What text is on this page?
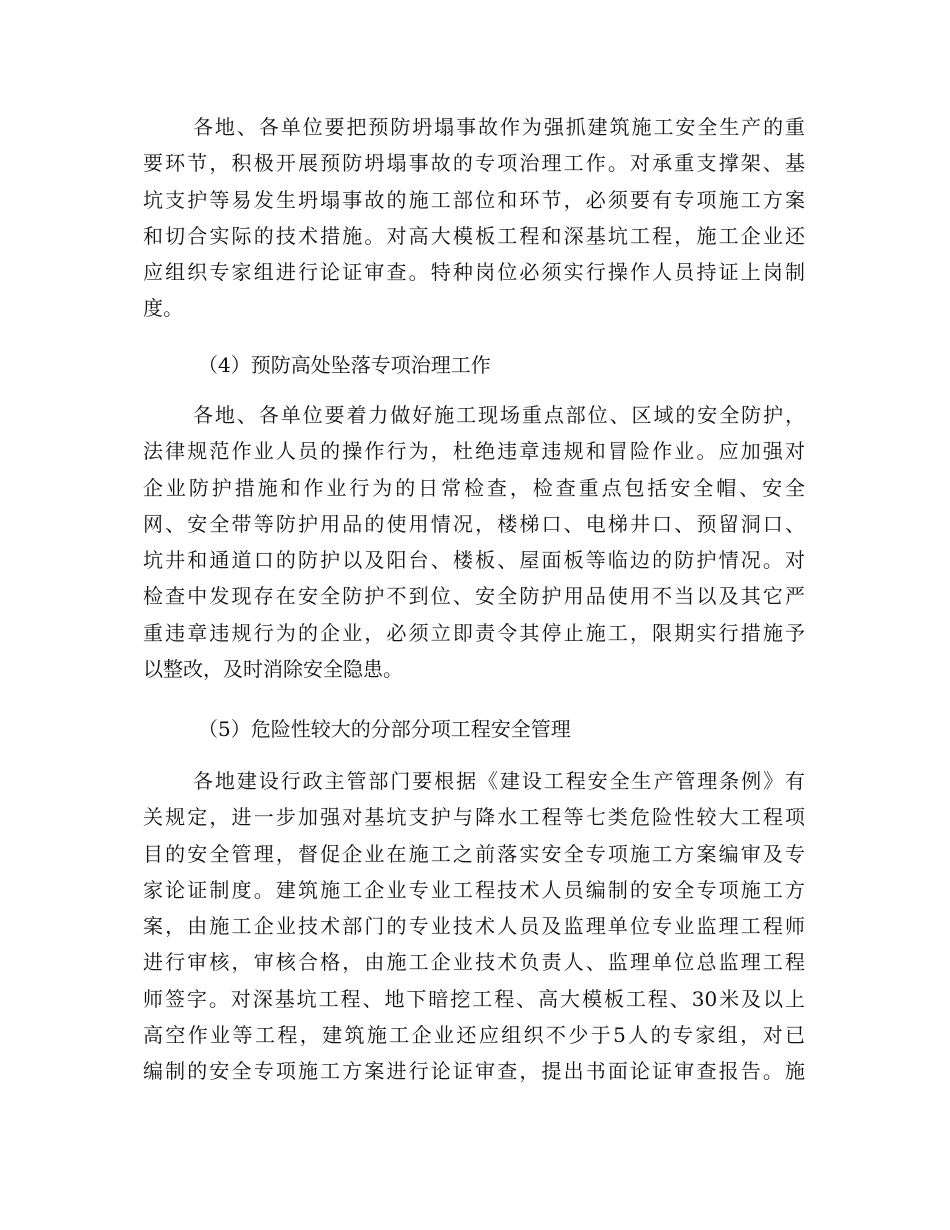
各地、各单位要把预防坍塌事故作为强抓建筑施工安全生产的重
要环节，积极开展预防坍塌事故的专项治理工作。对承重支撑架、基
坑支护等易发生坍塌事故的施工部位和环节，必须要有专项施工方案
和切合实际的技术措施。对高大模板工程和深基坑工程，施工企业还
应组织专家组进行论证审查。特种岗位必须实行操作人员持证上岗制
度。
（4）预防高处坠落专项治理工作
各地、各单位要着力做好施工现场重点部位、区域的安全防护，
法律规范作业人员的操作行为，杜绝违章违规和冒险作业。应加强对
企业防护措施和作业行为的日常检查，检查重点包括安全帽、安全
网、安全带等防护用品的使用情况，楼梯口、电梯井口、预留洞口、
坑井和通道口的防护以及阳台、楼板、屋面板等临边的防护情况。对
检查中发现存在安全防护不到位、安全防护用品使用不当以及其它严
重违章违规行为的企业，必须立即责令其停止施工，限期实行措施予
以整改，及时消除安全隐患。
（5）危险性较大的分部分项工程安全管理
各地建设行政主管部门要根据《建设工程安全生产管理条例》有
关规定，进一步加强对基坑支护与降水工程等七类危险性较大工程项
目的安全管理，督促企业在施工之前落实安全专项施工方案编审及专
家论证制度。建筑施工企业专业工程技术人员编制的安全专项施工方
案，由施工企业技术部门的专业技术人员及监理单位专业监理工程师
进行审核，审核合格，由施工企业技术负责人、监理单位总监理工程
师签字。对深基坑工程、地下暗挖工程、高大模板工程、30米及以上
高空作业等工程，建筑施工企业还应组织不少于5人的专家组，对已
编制的安全专项施工方案进行论证审查，提出书面论证审查报告。施
